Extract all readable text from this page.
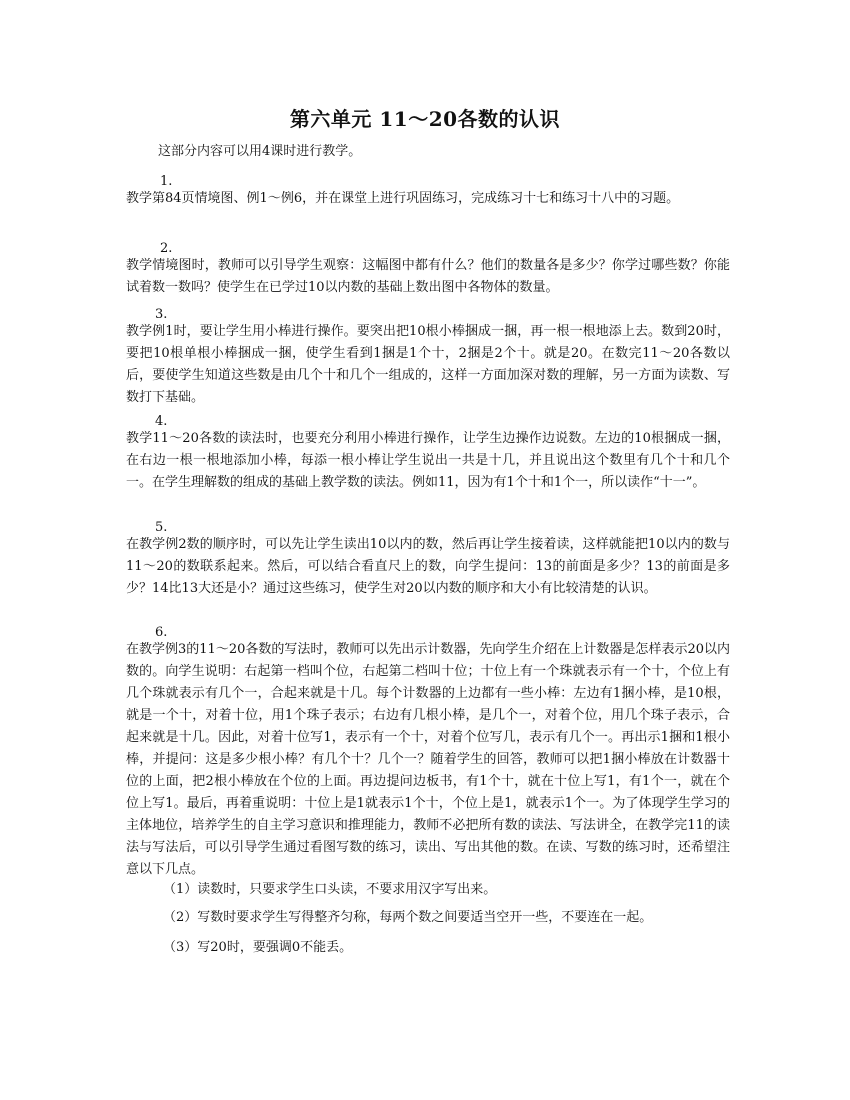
第六单元 11～20各数的认识
这部分内容可以用4课时进行教学。
1.
教学第84页情境图、例1～例6，并在课堂上进行巩固练习，完成练习十七和练习十八中的习题。
2.
教学情境图时，教师可以引导学生观察：这幅图中都有什么？他们的数量各是多少？你学过哪些数？你能试着数一数吗？使学生在已学过10以内数的基础上数出图中各物体的数量。
3.
教学例1时，要让学生用小棒进行操作。要突出把10根小棒捆成一捆，再一根一根地添上去。数到20时，要把10根单根小棒捆成一捆，使学生看到1捆是1个十，2捆是2个十。就是20。在数完11～20各数以后，要使学生知道这些数是由几个十和几个一组成的，这样一方面加深对数的理解，另一方面为读数、写数打下基础。
4.
教学11～20各数的读法时，也要充分利用小棒进行操作，让学生边操作边说数。左边的10根捆成一捆，在右边一根一根地添加小棒，每添一根小棒让学生说出一共是十几，并且说出这个数里有几个十和几个一。在学生理解数的组成的基础上教学数的读法。例如11，因为有1个十和1个一，所以读作“十一”。
5.
在教学例2数的顺序时，可以先让学生读出10以内的数，然后再让学生接着读，这样就能把10以内的数与11～20的数联系起来。然后，可以结合看直尺上的数，向学生提问：13的前面是多少？13的前面是多少？14比13大还是小？通过这些练习，使学生对20以内数的顺序和大小有比较清楚的认识。
6.
在教学例3的11～20各数的写法时，教师可以先出示计数器，先向学生介绍在上计数器是怎样表示20以内数的。向学生说明：右起第一档叫个位，右起第二档叫十位；十位上有一个珠就表示有一个十，个位上有几个珠就表示有几个一，合起来就是十几。每个计数器的上边都有一些小棒：左边有1捆小棒，是10根，就是一个十，对着十位，用1个珠子表示；右边有几根小棒，是几个一，对着个位，用几个珠子表示，合起来就是十几。因此，对着十位写1，表示有一个十，对着个位写几，表示有几个一。再出示1捆和1根小棒，并提问：这是多少根小棒？有几个十？几个一？随着学生的回答，教师可以把1捆小棒放在计数器十位的上面，把2根小棒放在个位的上面。再边提问边板书，有1个十，就在十位上写1，有1个一，就在个位上写1。最后，再着重说明：十位上是1就表示1个十，个位上是1，就表示1个一。为了体现学生学习的主体地位，培养学生的自主学习意识和推理能力，教师不必把所有数的读法、写法讲全，在教学完11的读法与写法后，可以引导学生通过看图写数的练习，读出、写出其他的数。在读、写数的练习时，还希望注意以下几点。
（1）读数时，只要求学生口头读，不要求用汉字写出来。
（2）写数时要求学生写得整齐匀称，每两个数之间要适当空开一些，不要连在一起。
（3）写20时，要强调0不能丢。
